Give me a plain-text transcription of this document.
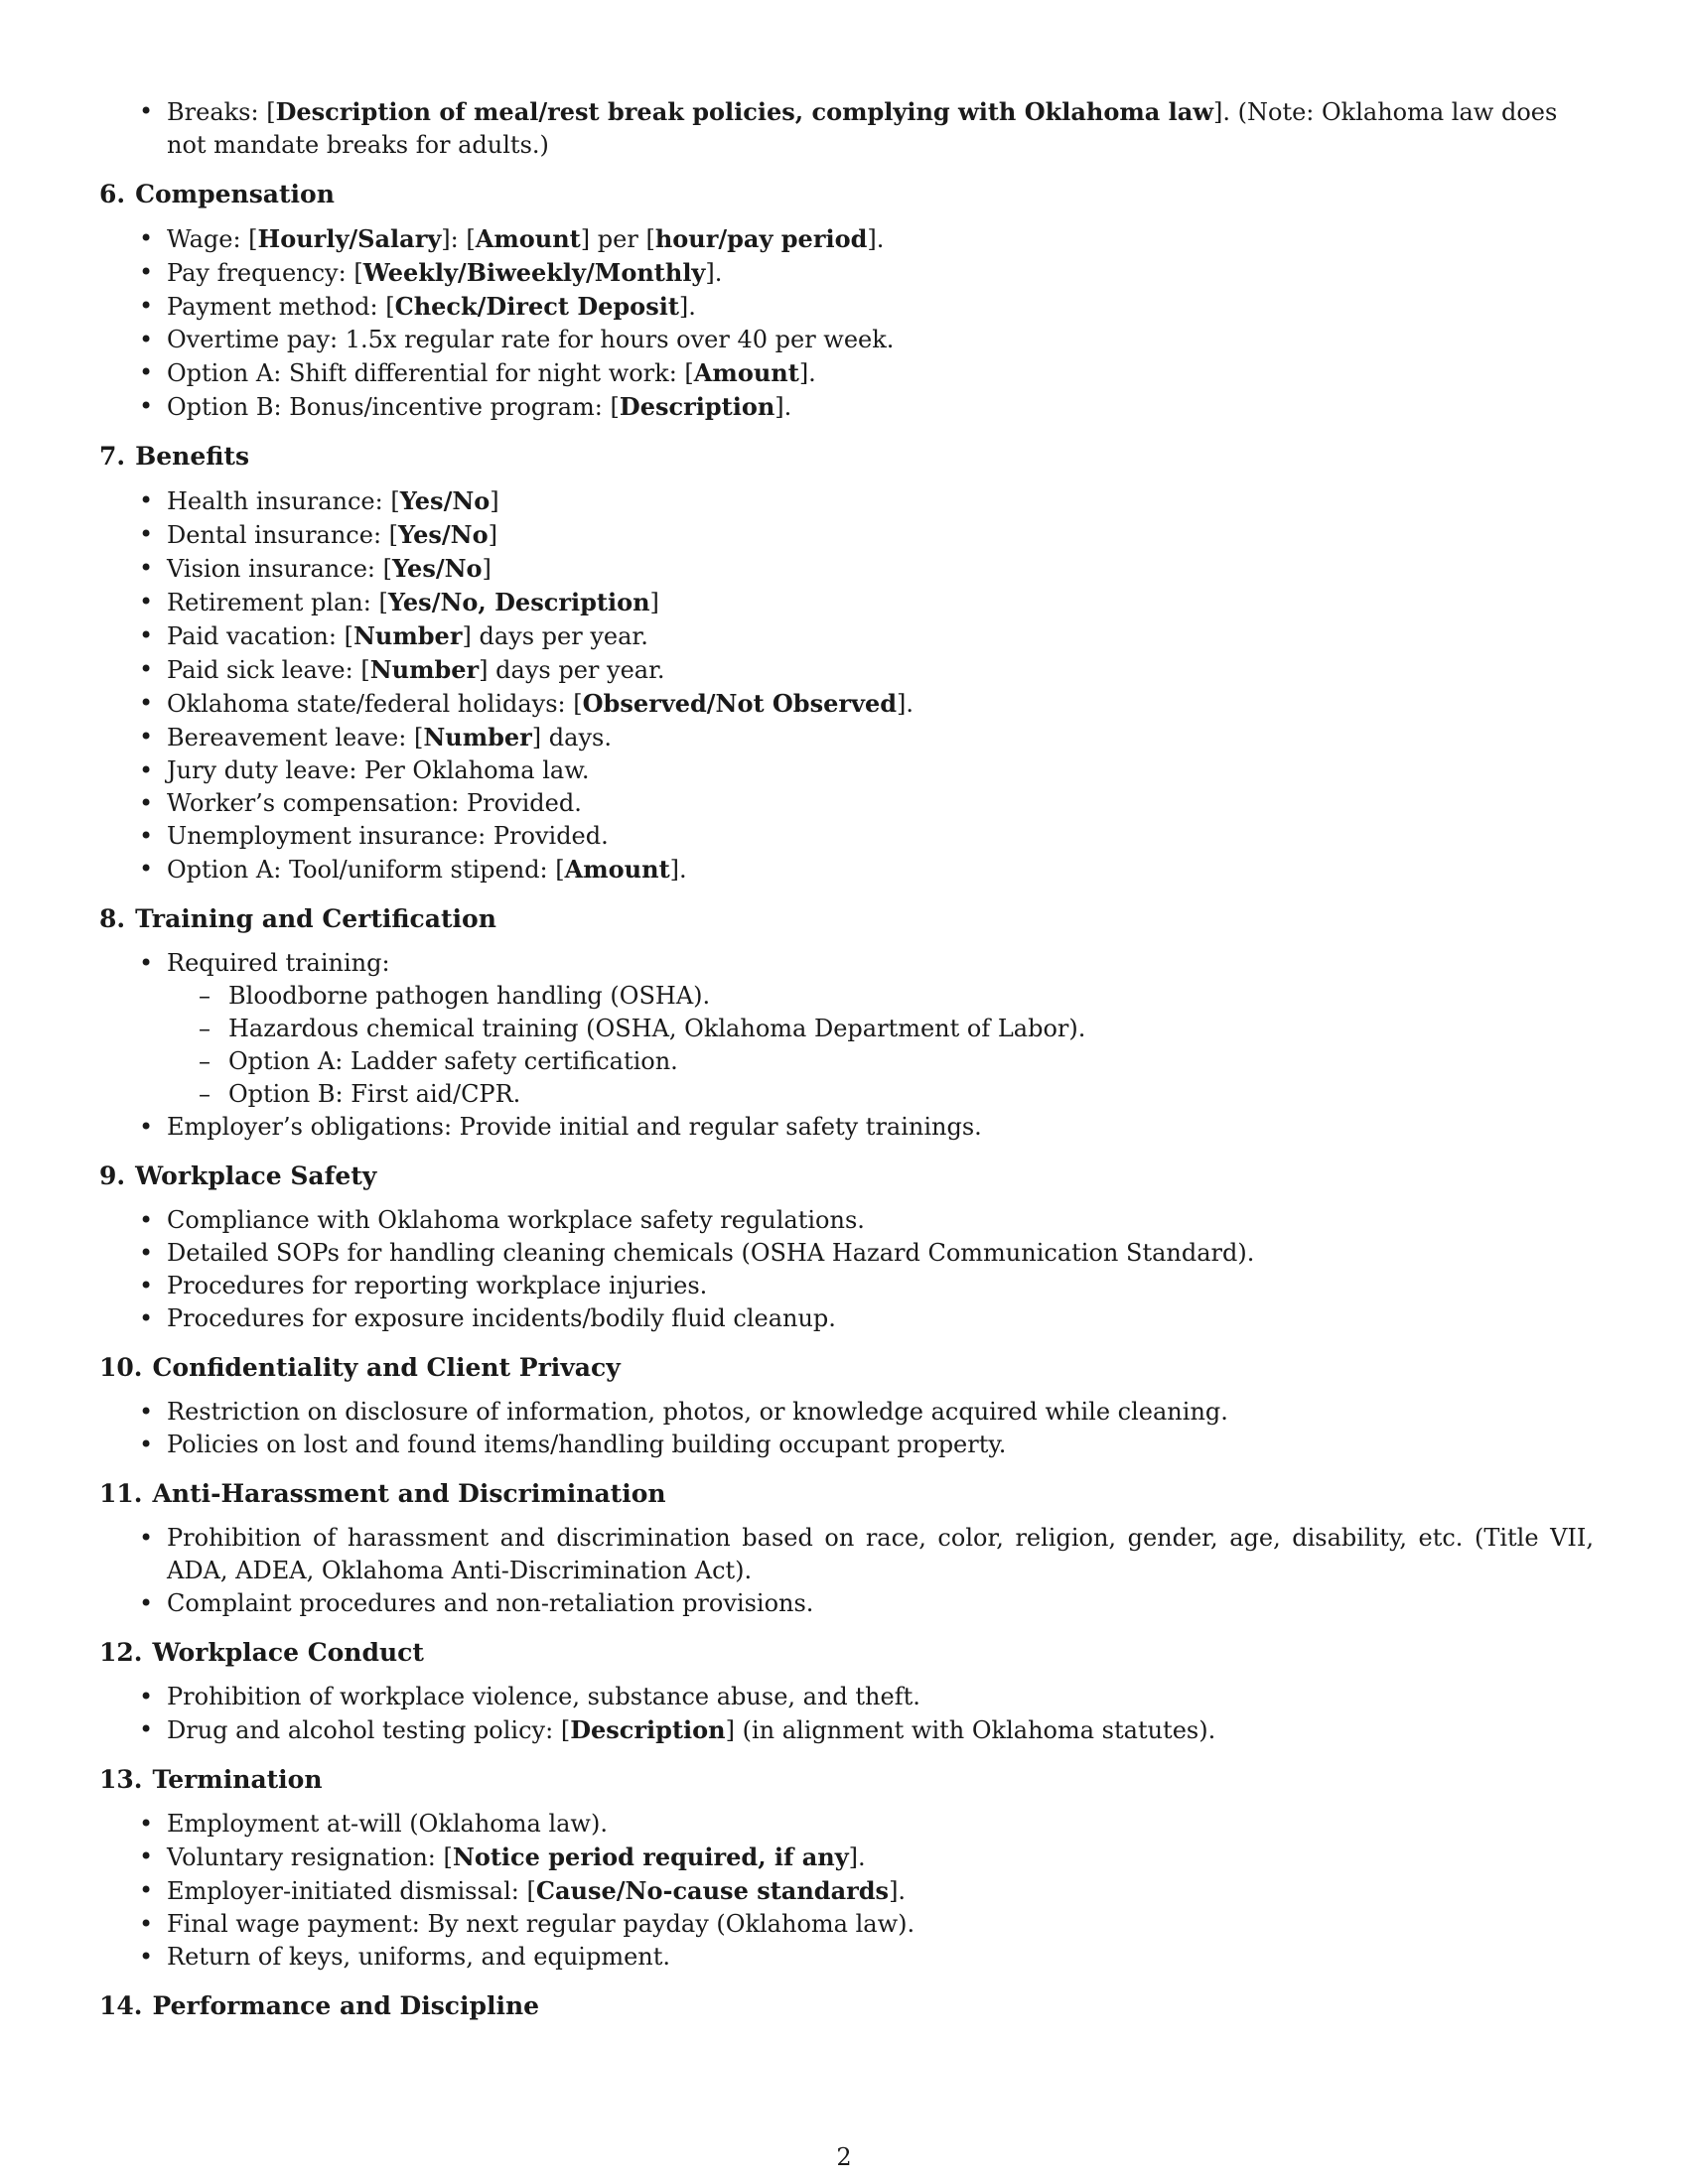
• Breaks: [Description of meal/rest break policies, complying with Oklahoma law]. (Note: Oklahoma law does not mandate breaks for adults.)
6. Compensation
• Wage: [Hourly/Salary]: [Amount] per [hour/pay period].
• Pay frequency: [Weekly/Biweekly/Monthly].
• Payment method: [Check/Direct Deposit].
• Overtime pay: 1.5x regular rate for hours over 40 per week.
• Option A: Shift differential for night work: [Amount].
• Option B: Bonus/incentive program: [Description].
7. Benefits
• Health insurance: [Yes/No]
• Dental insurance: [Yes/No]
• Vision insurance: [Yes/No]
• Retirement plan: [Yes/No, Description]
• Paid vacation: [Number] days per year.
• Paid sick leave: [Number] days per year.
• Oklahoma state/federal holidays: [Observed/Not Observed].
• Bereavement leave: [Number] days.
• Jury duty leave: Per Oklahoma law.
• Worker’s compensation: Provided.
• Unemployment insurance: Provided.
• Option A: Tool/uniform stipend: [Amount].
8. Training and Certification
• Required training:
– Bloodborne pathogen handling (OSHA).
– Hazardous chemical training (OSHA, Oklahoma Department of Labor).
– Option A: Ladder safety certification.
– Option B: First aid/CPR.
• Employer’s obligations: Provide initial and regular safety trainings.
9. Workplace Safety
• Compliance with Oklahoma workplace safety regulations.
• Detailed SOPs for handling cleaning chemicals (OSHA Hazard Communication Standard).
• Procedures for reporting workplace injuries.
• Procedures for exposure incidents/bodily fluid cleanup.
10. Confidentiality and Client Privacy
• Restriction on disclosure of information, photos, or knowledge acquired while cleaning.
• Policies on lost and found items/handling building occupant property.
11. Anti-Harassment and Discrimination
• Prohibition of harassment and discrimination based on race, color, religion, gender, age, disability, etc. (Title VII, ADA, ADEA, Oklahoma Anti-Discrimination Act).
• Complaint procedures and non-retaliation provisions.
12. Workplace Conduct
• Prohibition of workplace violence, substance abuse, and theft.
• Drug and alcohol testing policy: [Description] (in alignment with Oklahoma statutes).
13. Termination
• Employment at-will (Oklahoma law).
• Voluntary resignation: [Notice period required, if any].
• Employer-initiated dismissal: [Cause/No-cause standards].
• Final wage payment: By next regular payday (Oklahoma law).
• Return of keys, uniforms, and equipment.
14. Performance and Discipline
2
